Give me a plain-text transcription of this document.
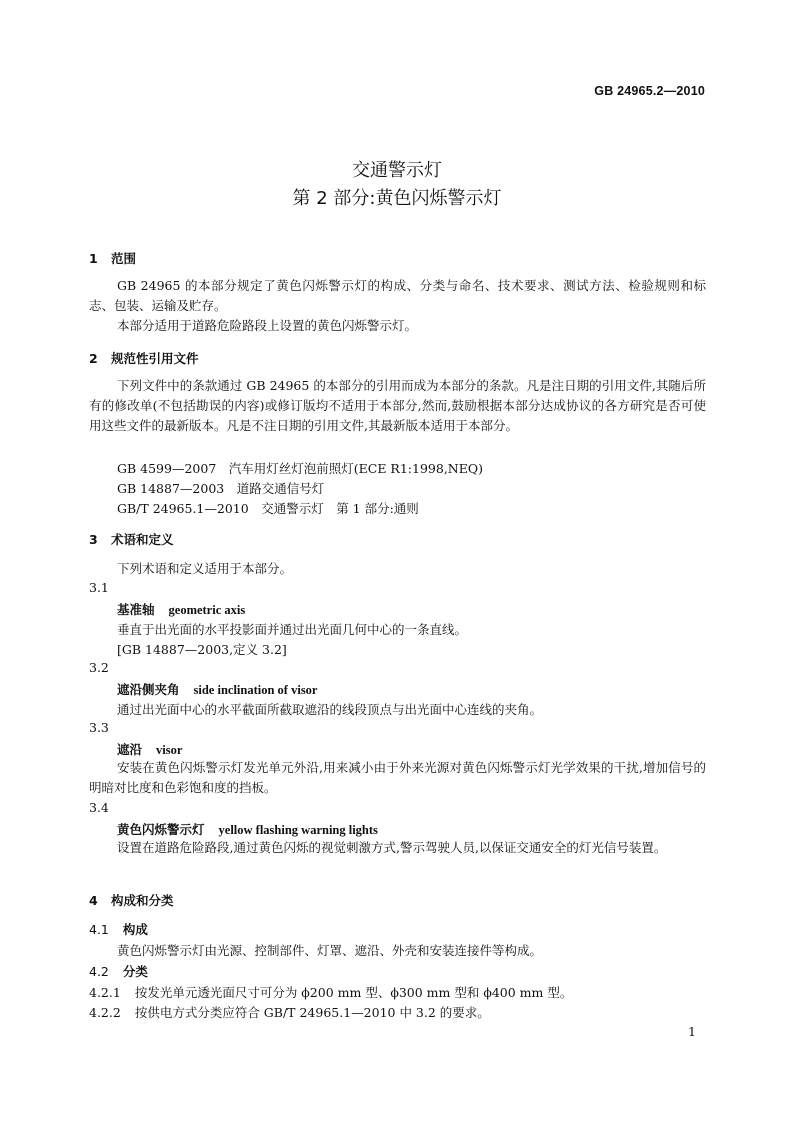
GB 24965.2—2010
交通警示灯
第 2 部分:黄色闪烁警示灯
1 范围
GB 24965 的本部分规定了黄色闪烁警示灯的构成、分类与命名、技术要求、测试方法、检验规则和标志、包装、运输及贮存。
本部分适用于道路危险路段上设置的黄色闪烁警示灯。
2 规范性引用文件
下列文件中的条款通过 GB 24965 的本部分的引用而成为本部分的条款。凡是注日期的引用文件,其随后所有的修改单(不包括勘误的内容)或修订版均不适用于本部分,然而,鼓励根据本部分达成协议的各方研究是否可使用这些文件的最新版本。凡是不注日期的引用文件,其最新版本适用于本部分。
GB 4599—2007　汽车用灯丝灯泡前照灯(ECE R1:1998,NEQ)
GB 14887—2003　道路交通信号灯
GB/T 24965.1—2010　交通警示灯　第 1 部分:通则
3 术语和定义
下列术语和定义适用于本部分。
3.1
基准轴 geometric axis
垂直于出光面的水平投影面并通过出光面几何中心的一条直线。
[GB 14887—2003,定义 3.2]
3.2
遮沿侧夹角 side inclination of visor
通过出光面中心的水平截面所截取遮沿的线段顶点与出光面中心连线的夹角。
3.3
遮沿 visor
安装在黄色闪烁警示灯发光单元外沿,用来减小由于外来光源对黄色闪烁警示灯光学效果的干扰,增加信号的明暗对比度和色彩饱和度的挡板。
3.4
黄色闪烁警示灯 yellow flashing warning lights
设置在道路危险路段,通过黄色闪烁的视觉刺激方式,警示驾驶人员,以保证交通安全的灯光信号装置。
4 构成和分类
4.1 构成
黄色闪烁警示灯由光源、控制部件、灯罩、遮沿、外壳和安装连接件等构成。
4.2 分类
4.2.1 按发光单元透光面尺寸可分为 ϕ200 mm 型、ϕ300 mm 型和 ϕ400 mm 型。
4.2.2 按供电方式分类应符合 GB/T 24965.1—2010 中 3.2 的要求。
1
